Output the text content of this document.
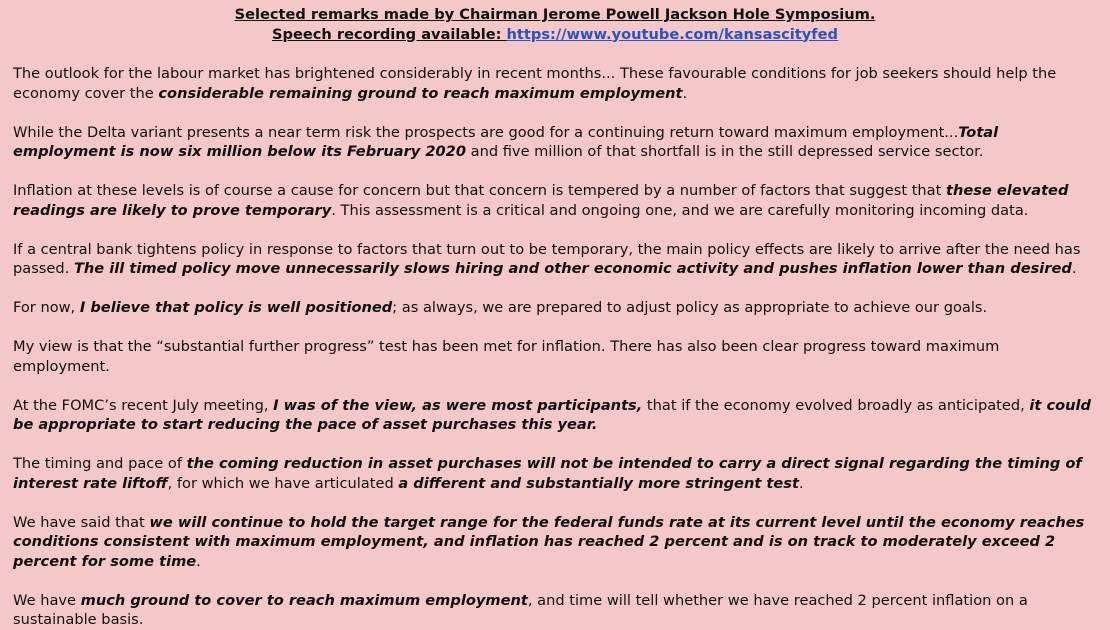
Selected remarks made by Chairman Jerome Powell Jackson Hole Symposium.
Speech recording available: https://www.youtube.com/kansascityfed

The outlook for the labour market has brightened considerably in recent months... These favourable conditions for job seekers should help the economy cover the considerable remaining ground to reach maximum employment.

While the Delta variant presents a near term risk the prospects are good for a continuing return toward maximum employment...Total employment is now six million below its February 2020 and five million of that shortfall is in the still depressed service sector.

Inflation at these levels is of course a cause for concern but that concern is tempered by a number of factors that suggest that these elevated readings are likely to prove temporary. This assessment is a critical and ongoing one, and we are carefully monitoring incoming data.

If a central bank tightens policy in response to factors that turn out to be temporary, the main policy effects are likely to arrive after the need has passed. The ill timed policy move unnecessarily slows hiring and other economic activity and pushes inflation lower than desired.

For now, I believe that policy is well positioned; as always, we are prepared to adjust policy as appropriate to achieve our goals.

My view is that the “substantial further progress” test has been met for inflation. There has also been clear progress toward maximum employment.

At the FOMC’s recent July meeting, I was of the view, as were most participants, that if the economy evolved broadly as anticipated, it could be appropriate to start reducing the pace of asset purchases this year.

The timing and pace of the coming reduction in asset purchases will not be intended to carry a direct signal regarding the timing of interest rate liftoff, for which we have articulated a different and substantially more stringent test.

We have said that we will continue to hold the target range for the federal funds rate at its current level until the economy reaches conditions consistent with maximum employment, and inflation has reached 2 percent and is on track to moderately exceed 2 percent for some time.

We have much ground to cover to reach maximum employment, and time will tell whether we have reached 2 percent inflation on a sustainable basis.
